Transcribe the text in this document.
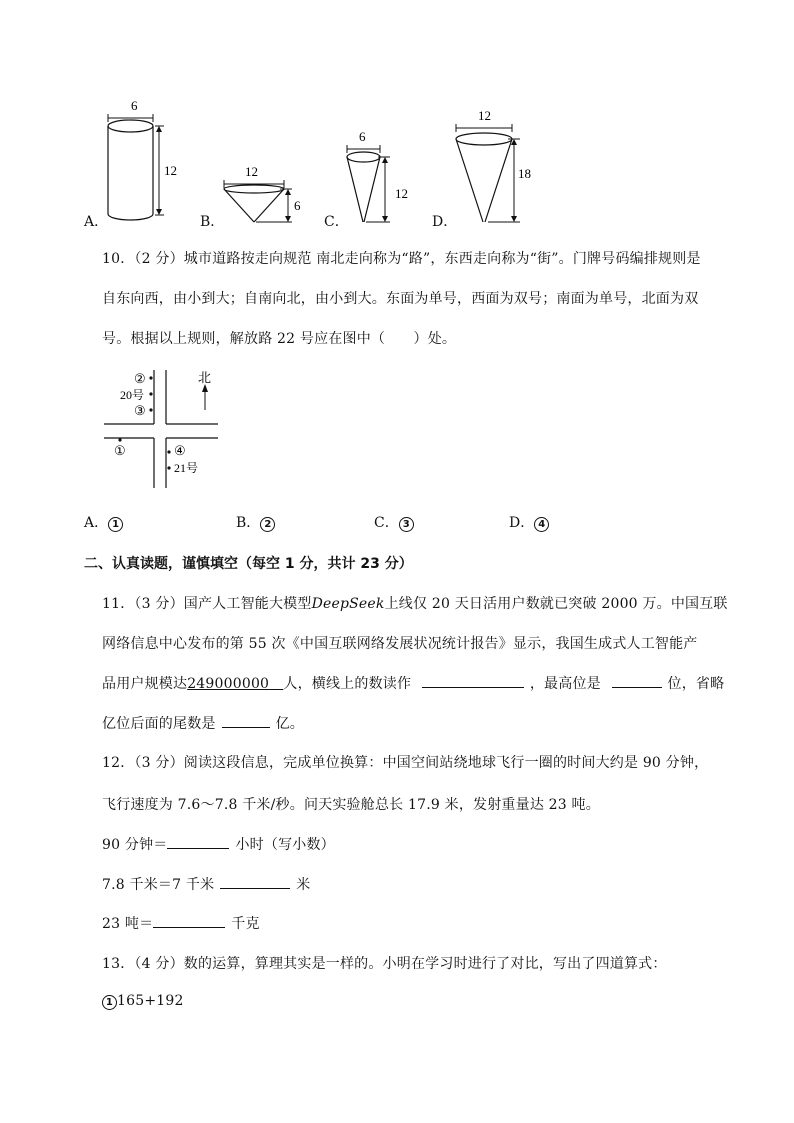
6
12
A．
12
6
B．
6
12
C．
12
18
D．
10．（2 分）城市道路按走向规范 南北走向称为“路”，东西走向称为“街”。门牌号码编排规则是
自东向西，由小到大；自南向北，由小到大。东面为单号，西面为双号；南面为单号，北面为双
号。根据以上规则，解放路 22 号应在图中（　　）处。
北
②
20号
③
①	④
21号
A． 1	B． 2	C． 3	D． 4
二、认真读题，谨慎填空（每空 1 分，共计 23 分）
11．（3 分）国产人工智能大模型DeepSeek上线仅 20 天日活用户数就已突破 2000 万。中国互联
网络信息中心发布的第 55 次《中国互联网络发展状况统计报告》显示，我国生成式人工智能产
品用户规模达249000000　 人，横线上的数读作	，最高位是	位，省略
亿位后面的尾数是	亿。
12．（3 分）阅读这段信息，完成单位换算：中国空间站绕地球飞行一圈的时间大约是 90 分钟，
飞行速度为 7.6～7.8 千米/秒。问天实验舱总长 17.9 米，发射重量达 23 吨。
90 分钟＝	小时（写小数）
7.8 千米＝7 千米	米
23 吨＝	千克
13．（4 分）数的运算，算理其实是一样的。小明在学习时进行了对比，写出了四道算式：
1 165+192
